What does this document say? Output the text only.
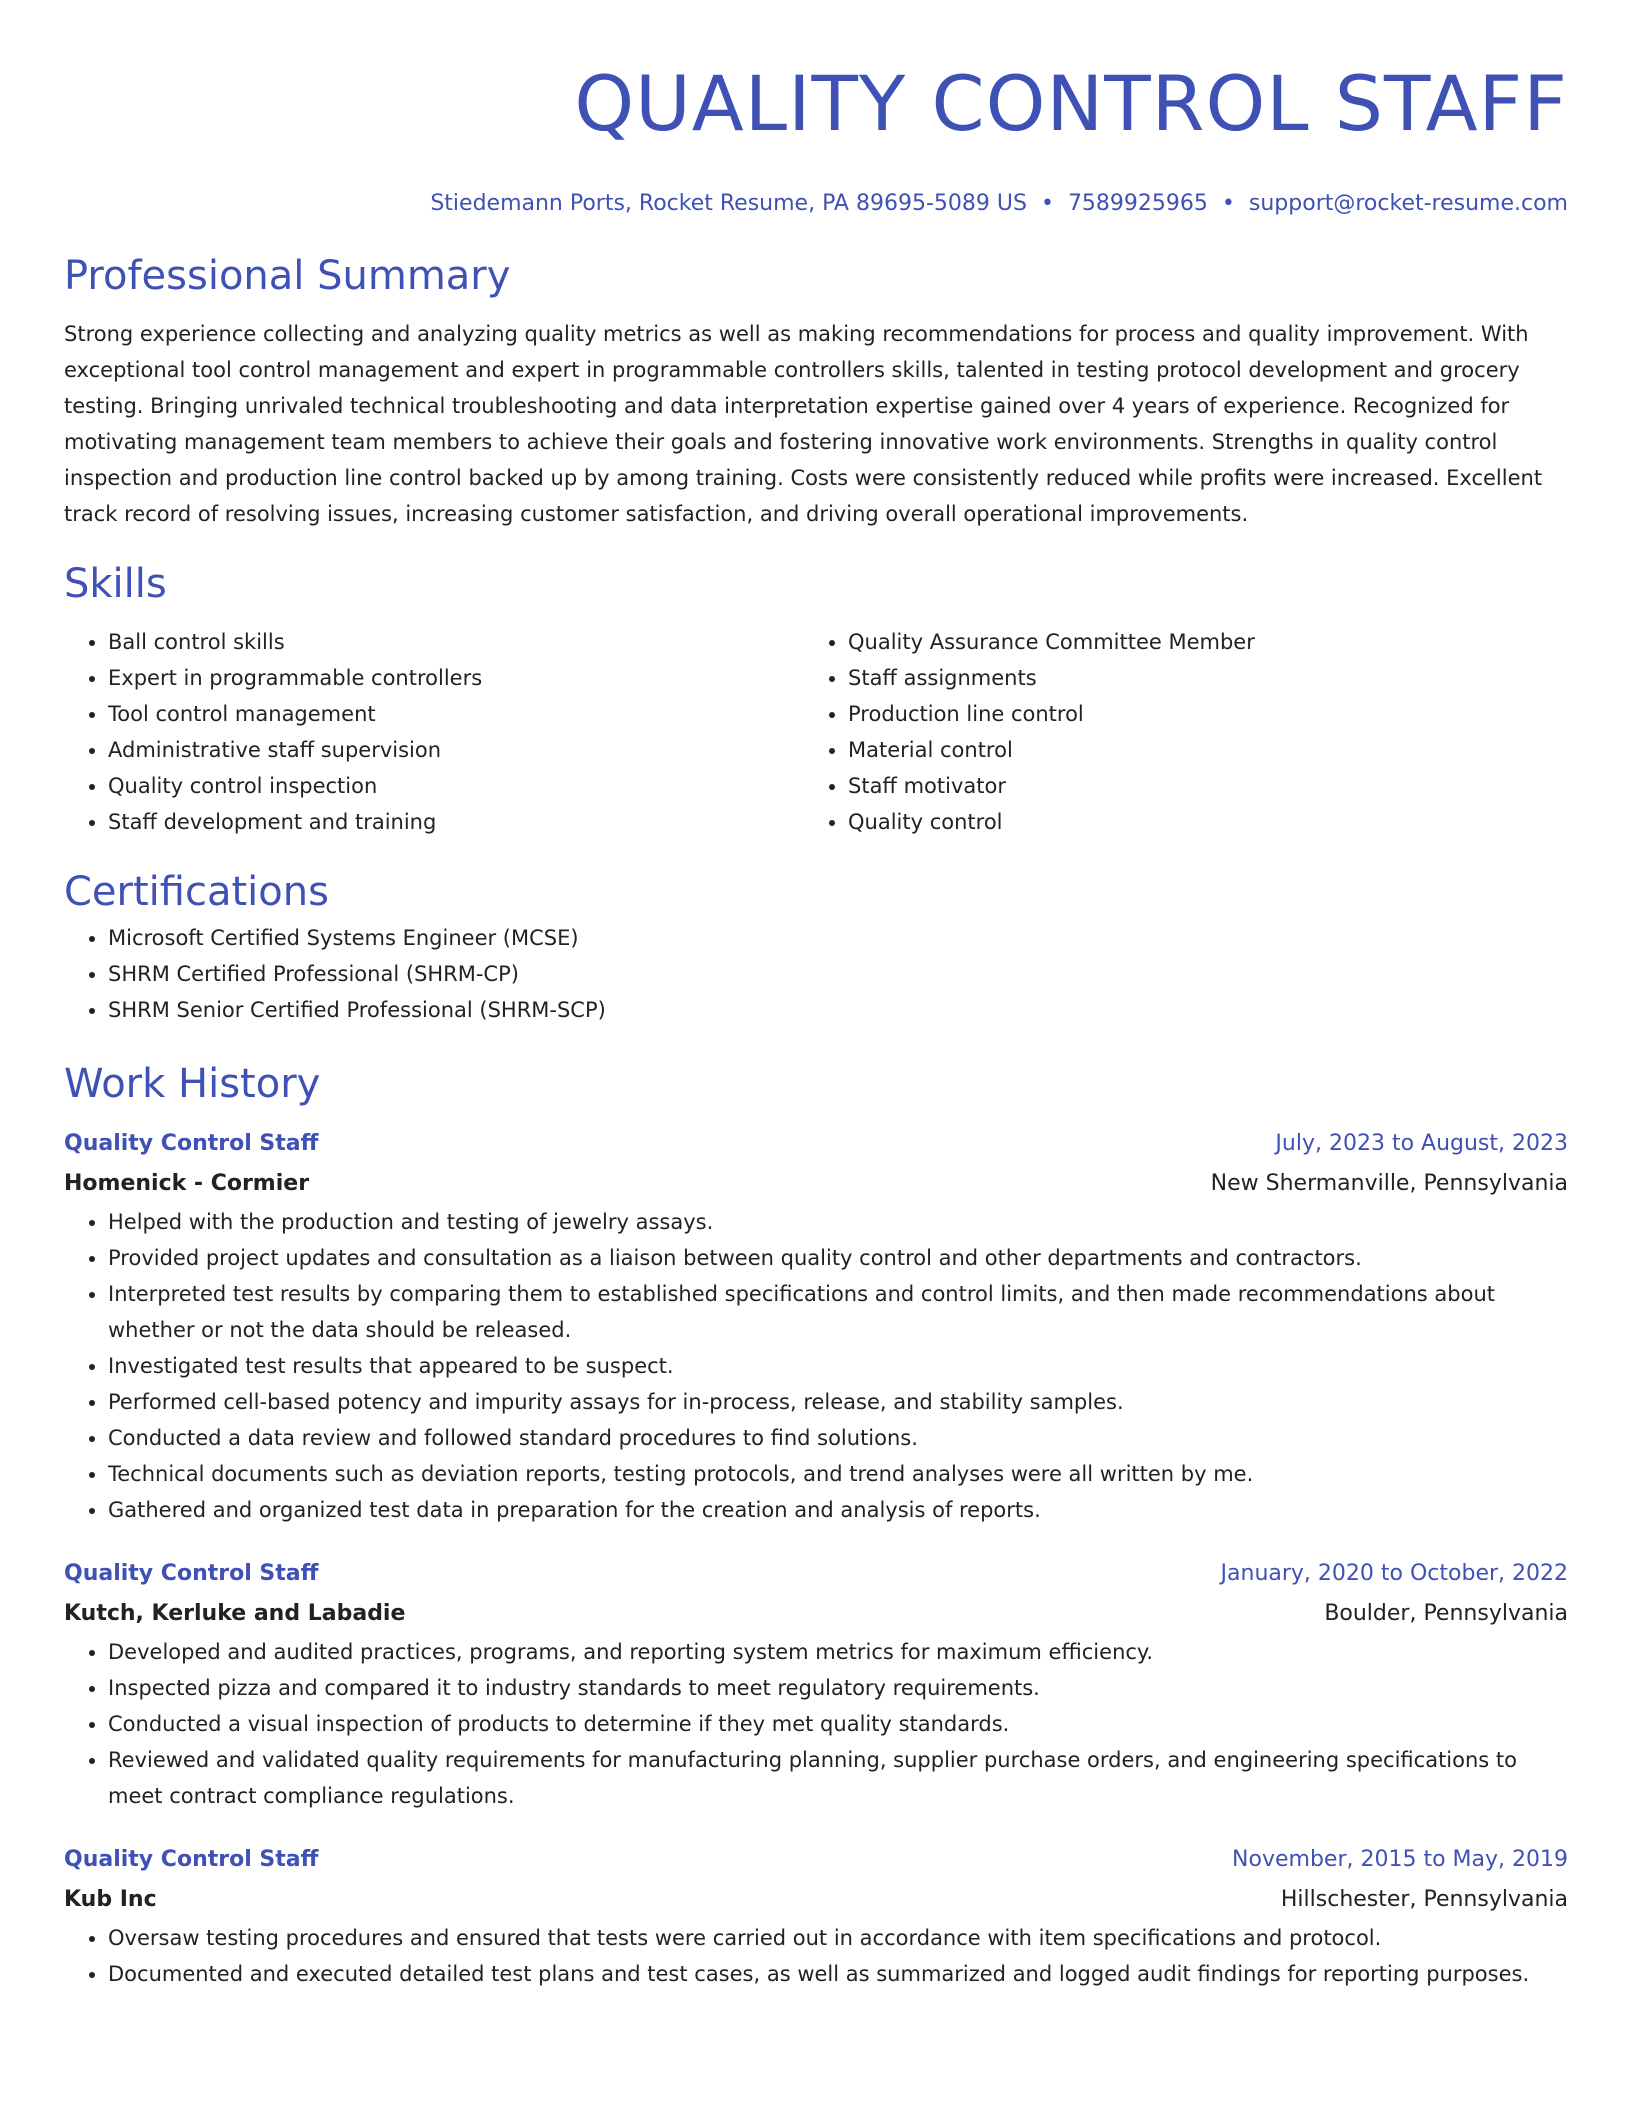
QUALITY CONTROL STAFF
Stiedemann Ports, Rocket Resume, PA 89695-5089 US • 7589925965 • support@rocket-resume.com
Professional Summary
Strong experience collecting and analyzing quality metrics as well as making recommendations for process and quality improvement. With exceptional tool control management and expert in programmable controllers skills, talented in testing protocol development and grocery testing. Bringing unrivaled technical troubleshooting and data interpretation expertise gained over 4 years of experience. Recognized for motivating management team members to achieve their goals and fostering innovative work environments. Strengths in quality control inspection and production line control backed up by among training. Costs were consistently reduced while profits were increased. Excellent track record of resolving issues, increasing customer satisfaction, and driving overall operational improvements.
Skills
• Ball control skills
• Expert in programmable controllers
• Tool control management
• Administrative staff supervision
• Quality control inspection
• Staff development and training
• Quality Assurance Committee Member
• Staff assignments
• Production line control
• Material control
• Staff motivator
• Quality control
Certifications
• Microsoft Certified Systems Engineer (MCSE)
• SHRM Certified Professional (SHRM-CP)
• SHRM Senior Certified Professional (SHRM-SCP)
Work History
Quality Control Staff	July, 2023 to August, 2023
Homenick - Cormier	New Shermanville, Pennsylvania
• Helped with the production and testing of jewelry assays.
• Provided project updates and consultation as a liaison between quality control and other departments and contractors.
• Interpreted test results by comparing them to established specifications and control limits, and then made recommendations about whether or not the data should be released.
• Investigated test results that appeared to be suspect.
• Performed cell-based potency and impurity assays for in-process, release, and stability samples.
• Conducted a data review and followed standard procedures to find solutions.
• Technical documents such as deviation reports, testing protocols, and trend analyses were all written by me.
• Gathered and organized test data in preparation for the creation and analysis of reports.
Quality Control Staff	January, 2020 to October, 2022
Kutch, Kerluke and Labadie	Boulder, Pennsylvania
• Developed and audited practices, programs, and reporting system metrics for maximum efficiency.
• Inspected pizza and compared it to industry standards to meet regulatory requirements.
• Conducted a visual inspection of products to determine if they met quality standards.
• Reviewed and validated quality requirements for manufacturing planning, supplier purchase orders, and engineering specifications to meet contract compliance regulations.
Quality Control Staff	November, 2015 to May, 2019
Kub Inc	Hillschester, Pennsylvania
• Oversaw testing procedures and ensured that tests were carried out in accordance with item specifications and protocol.
• Documented and executed detailed test plans and test cases, as well as summarized and logged audit findings for reporting purposes.
